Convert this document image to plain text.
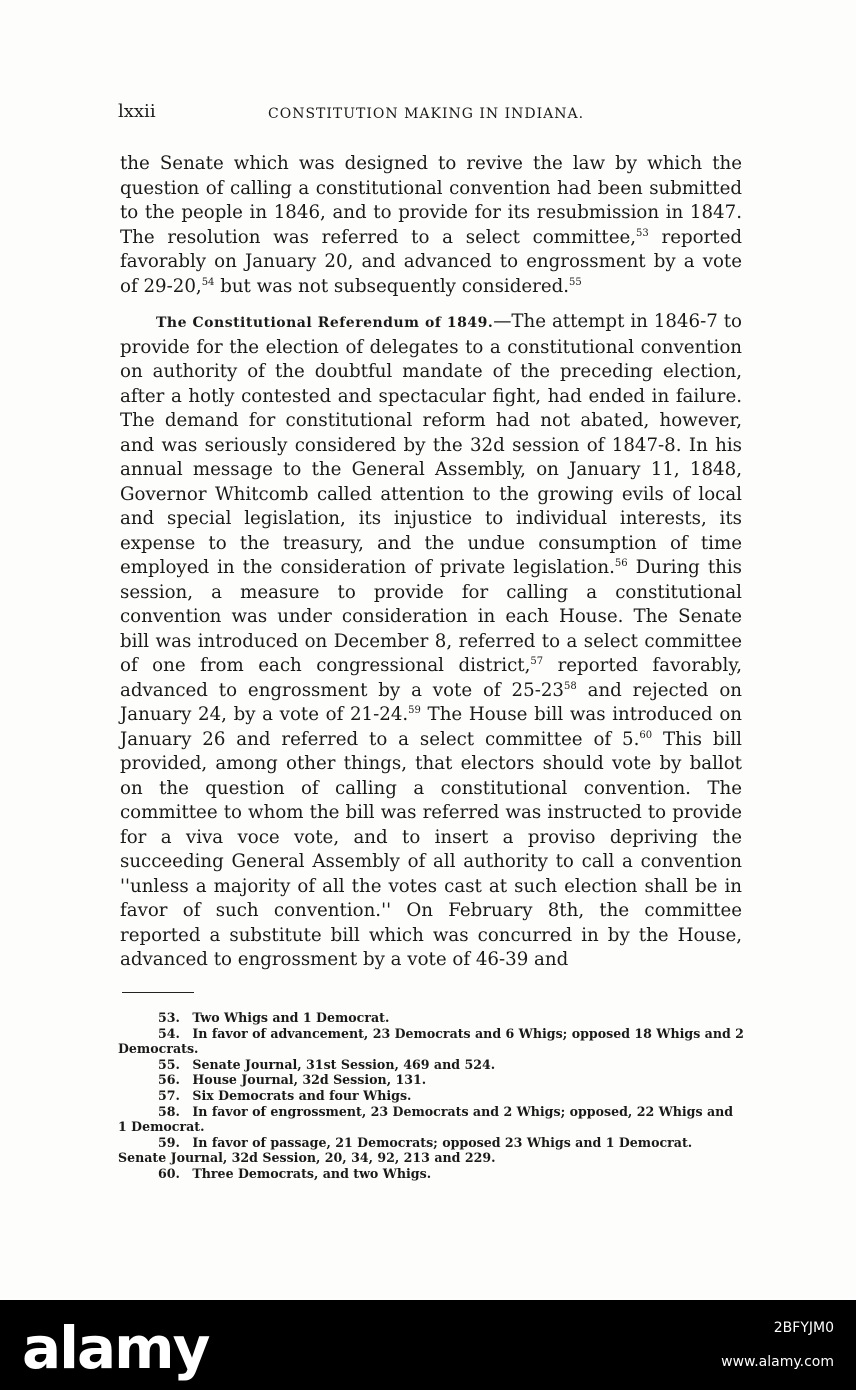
lxxii	CONSTITUTION MAKING IN INDIANA.

the Senate which was designed to revive the law by which the question of calling a constitutional convention had been submitted to the people in 1846, and to provide for its resubmission in 1847. The resolution was referred to a select committee,$^{53}$ reported favorably on January 20, and advanced to engrossment by a vote of 29-20,54 but was not subsequently considered.$^{55}$

The Constitutional Referendum of 1849.—The attempt in 1846-7 to provide for the election of delegates to a constitutional convention on authority of the doubtful mandate of the preceding election, after a hotly contested and spectacular fight, had ended in failure. The demand for constitutional reform had not abated, however, and was seriously considered by the 32d session of 1847-8. In his annual message to the General Assembly, on January 11, 1848, Governor Whitcomb called attention to the growing evils of local and special legislation, its injustice to individual interests, its expense to the treasury, and the undue consumption of time employed in the consideration of private legislation.$^{56}$ During this session, a measure to provide for calling a constitutional convention was under consideration in each House. The Senate bill was introduced on December 8, referred to a select committee of one from each congressional district,$^{57}$ reported favorably, advanced to engrossment by a vote of $25-23^{58}$ and rejected on January 24, by a vote of 21-24.59 The House bill was introduced on January 26 and referred to a select committee of 5.60 This bill provided, among other things, that electors should vote by ballot on the question of calling a constitutional convention. The committee to whom the bill was referred was instructed to provide for a viva voce vote, and to insert a proviso depriving the succeeding General Assembly of all authority to call a convention ''unless a majority of all the votes cast at such election shall be in favor of such convention.'' On February 8th, the committee reported a substitute bill which was concurred in by the House, advanced to engrossment by a vote of 46-39 and

53. Two Whigs and 1 Democrat.
54. In favor of advancement, 23 Democrats and 6 Whigs; opposed 18 Whigs and 2 Democrats.
55. Senate Journal, 31st Session, 469 and 524.
56. House Journal, 32d Session, 131.
57. Six Democrats and four Whigs.
58. In favor of engrossment, 23 Democrats and 2 Whigs; opposed, 22 Whigs and 1 Democrat.
59. In favor of passage, 21 Democrats; opposed 23 Whigs and 1 Democrat. Senate Journal, 32d Session, 20, 34, 92, 213 and 229.
60. Three Democrats, and two Whigs.
alamy	2BFYJM0
www.alamy.com
